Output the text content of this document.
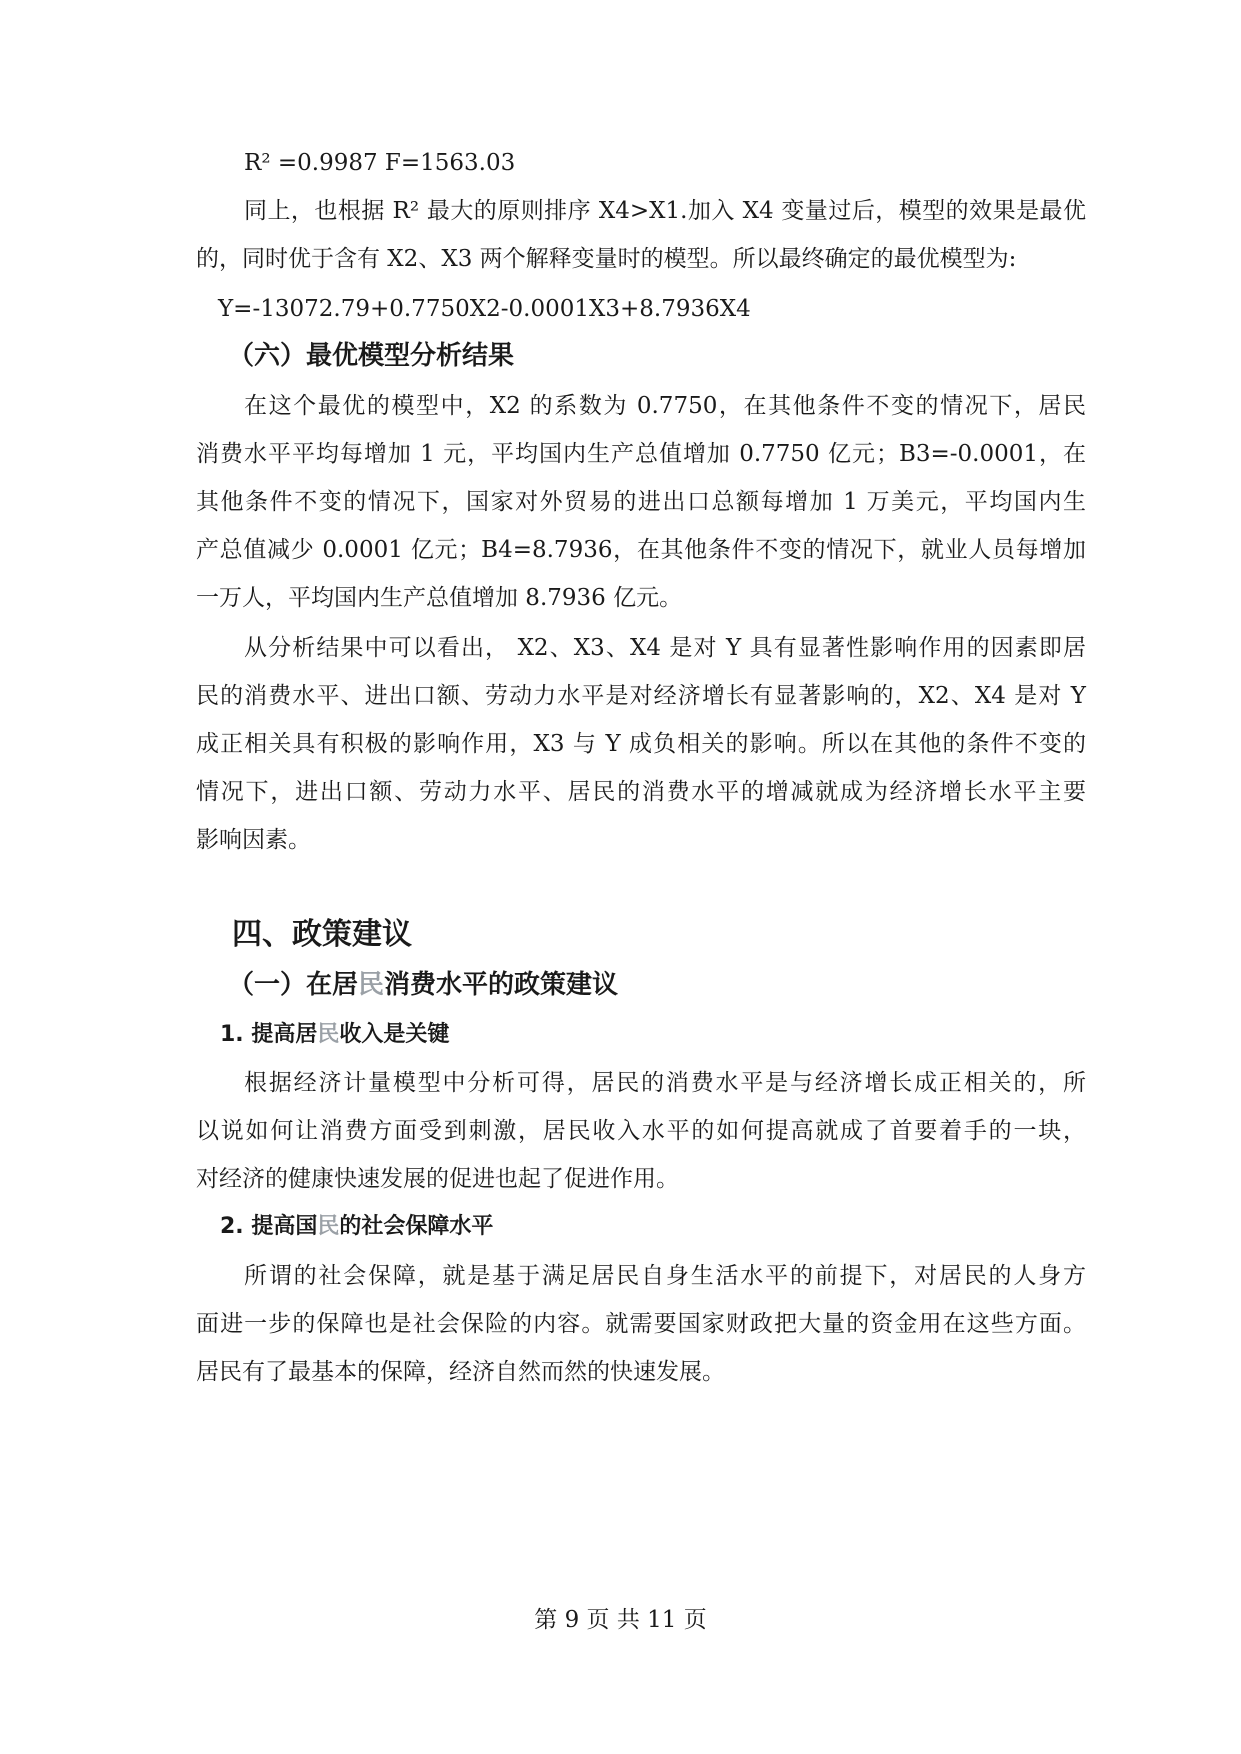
R² =0.9987 F=1563.03
同上，也根据 R² 最大的原则排序 X4>X1.加入 X4 变量过后，模型的效果是最优
的，同时优于含有 X2、X3 两个解释变量时的模型。所以最终确定的最优模型为:
Y=-13072.79+0.7750X2-0.0001X3+8.7936X4
（六）最优模型分析结果
在这个最优的模型中，X2 的系数为 0.7750，在其他条件不变的情况下，居民
消费水平平均每增加 1 元，平均国内生产总值增加 0.7750 亿元；B3=-0.0001，在
其他条件不变的情况下，国家对外贸易的进出口总额每增加 1 万美元，平均国内生
产总值减少 0.0001 亿元；B4=8.7936，在其他条件不变的情况下，就业人员每增加
一万人，平均国内生产总值增加 8.7936 亿元。
从分析结果中可以看出， X2、X3、X4 是对 Y 具有显著性影响作用的因素即居
民的消费水平、进出口额、劳动力水平是对经济增长有显著影响的，X2、X4 是对 Y
成正相关具有积极的影响作用，X3 与 Y 成负相关的影响。所以在其他的条件不变的
情况下，进出口额、劳动力水平、居民的消费水平的增减就成为经济增长水平主要
影响因素。
四、政策建议
（一）在居民消费水平的政策建议
1. 提高居民收入是关键
根据经济计量模型中分析可得，居民的消费水平是与经济增长成正相关的，所
以说如何让消费方面受到刺激，居民收入水平的如何提高就成了首要着手的一块，
对经济的健康快速发展的促进也起了促进作用。
2. 提高国民的社会保障水平
所谓的社会保障，就是基于满足居民自身生活水平的前提下，对居民的人身方
面进一步的保障也是社会保险的内容。就需要国家财政把大量的资金用在这些方面。
居民有了最基本的保障，经济自然而然的快速发展。
第 9 页 共 11 页
